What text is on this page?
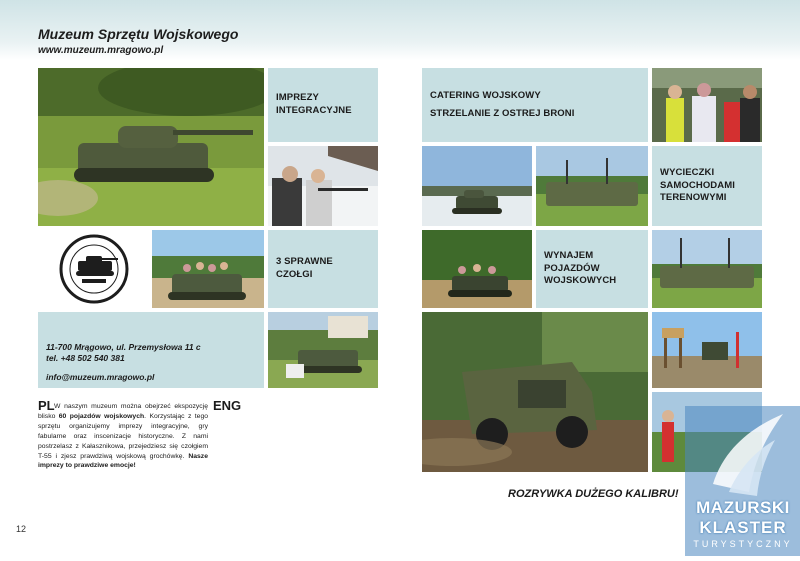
Muzeum Sprzętu Wojskowego
www.muzeum.mragowo.pl
IMPREZY INTEGRACYJNE
3 SPRAWNE CZOŁGI
11-700 Mrągowo, ul. Przemysłowa 11 c
tel. +48 502 540 381
info@muzeum.mragowo.pl
PL	ENG
W naszym muzeum można obejrzeć ekspozycję blisko 60 pojazdów wojskowych. Korzystając z tego sprzętu organizujemy imprezy integracyjne, gry fabularne oraz inscenizacje historyczne. Z nami postrzelasz z Kałasznikowa, przejedziesz się czołgiem T-55 i zjesz prawdziwą wojskową grochówkę. Nasze imprezy to prawdziwe emocje!
12
CATERING WOJSKOWY
STRZELANIE Z OSTREJ BRONI
WYCIECZKI SAMOCHODAMI TERENOWYMI
WYNAJEM POJAZDÓW WOJSKOWYCH
MAZURSKI
KLASTER
TURYSTYCZNY
ROZRYWKA DUŻEGO KALIBRU!
